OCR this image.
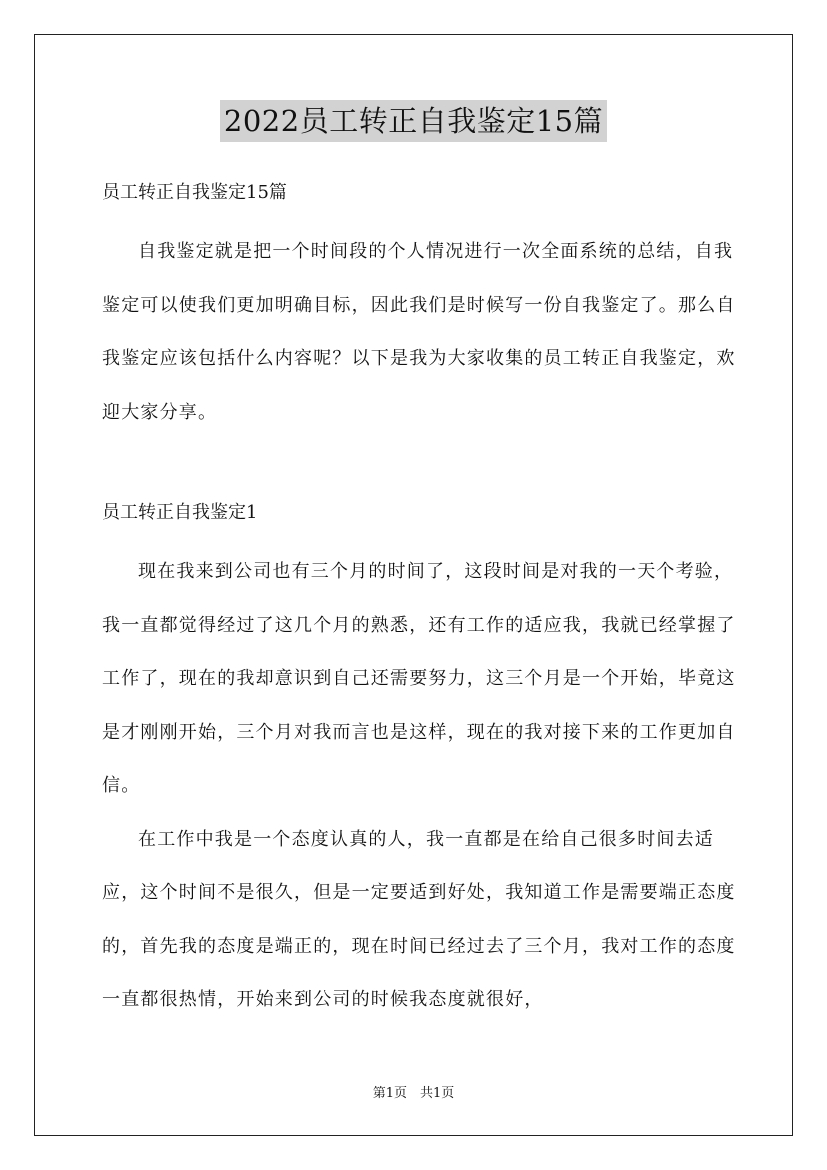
2022员工转正自我鉴定15篇

员工转正自我鉴定15篇

自我鉴定就是把一个时间段的个人情况进行一次全面系统的总结，自我鉴定可以使我们更加明确目标，因此我们是时候写一份自我鉴定了。那么自我鉴定应该包括什么内容呢？以下是我为大家收集的员工转正自我鉴定，欢迎大家分享。

员工转正自我鉴定1

现在我来到公司也有三个月的时间了，这段时间是对我的一天个考验，我一直都觉得经过了这几个月的熟悉，还有工作的适应我，我就已经掌握了工作了，现在的我却意识到自己还需要努力，这三个月是一个开始，毕竟这是才刚刚开始，三个月对我而言也是这样，现在的我对接下来的工作更加自信。

在工作中我是一个态度认真的人，我一直都是在给自己很多时间去适应，这个时间不是很久，但是一定要适到好处，我知道工作是需要端正态度的，首先我的态度是端正的，现在时间已经过去了三个月，我对工作的态度一直都很热情，开始来到公司的时候我态度就很好，

第1页　共1页
